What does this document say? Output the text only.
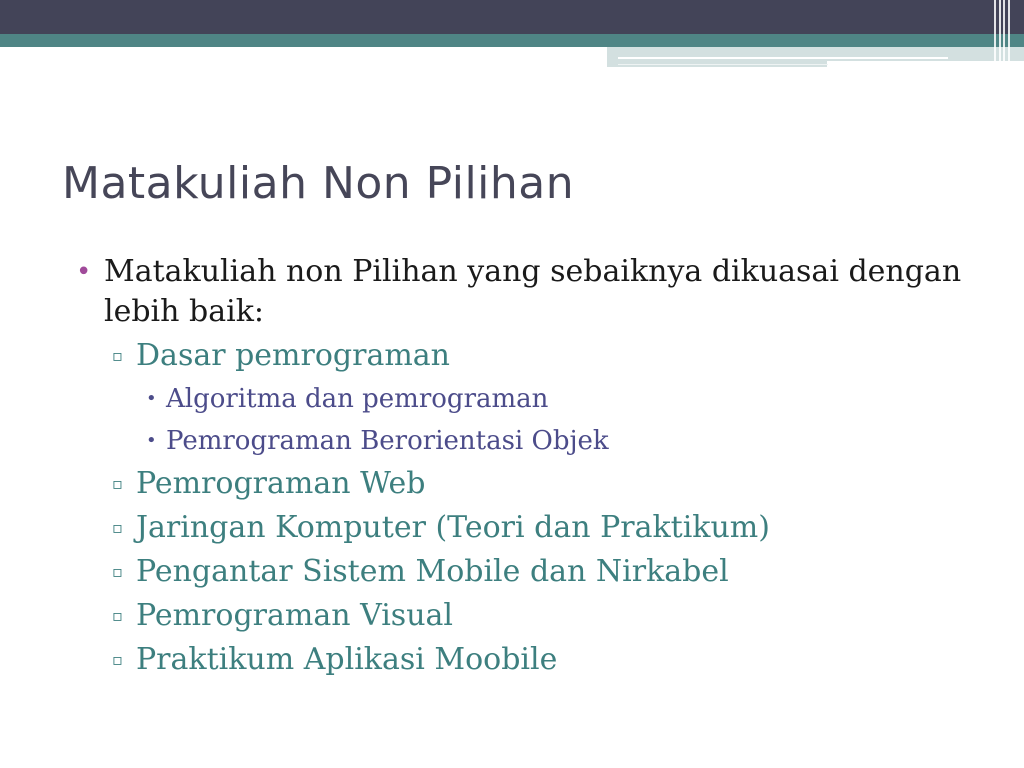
Matakuliah Non Pilihan
• Matakuliah non Pilihan yang sebaiknya dikuasai dengan lebih baik:
▫ Dasar pemrograman
• Algoritma dan pemrograman
• Pemrograman Berorientasi Objek
▫ Pemrograman Web
▫ Jaringan Komputer (Teori dan Praktikum)
▫ Pengantar Sistem Mobile dan Nirkabel
▫ Pemrograman Visual
▫ Praktikum Aplikasi Moobile
